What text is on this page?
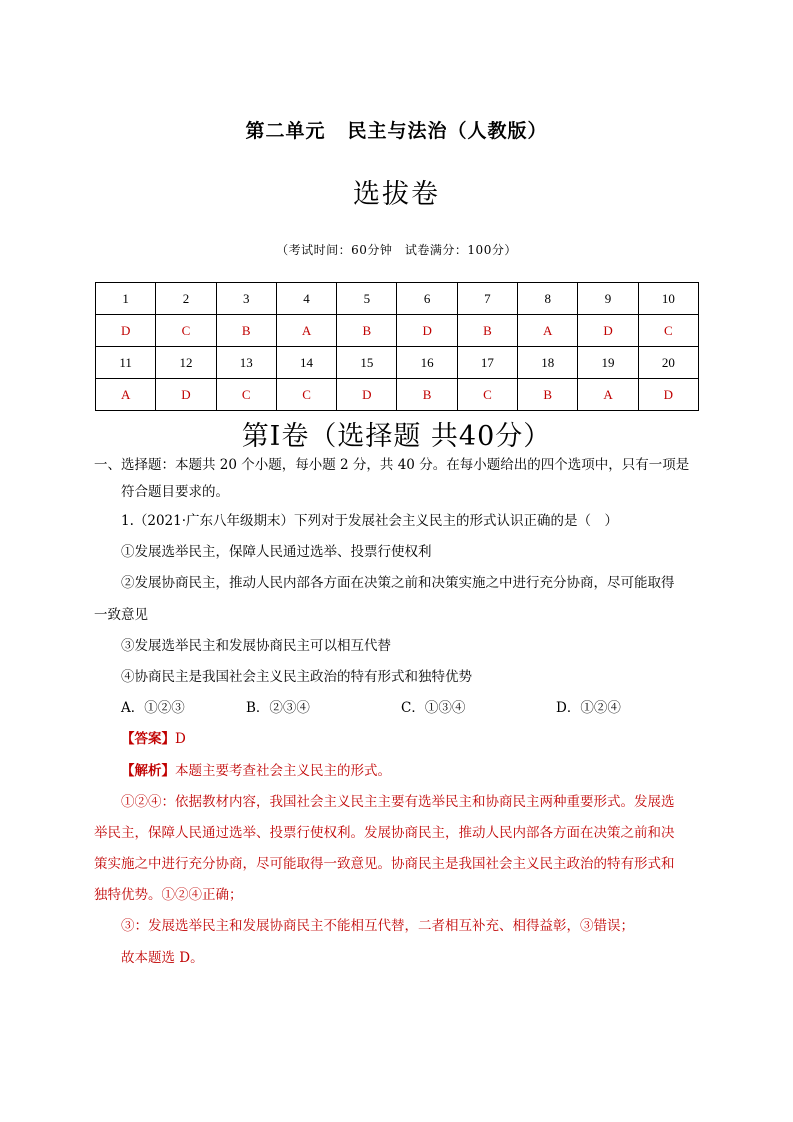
第二单元 民主与法治（人教版）
选拔卷
（考试时间：60分钟　试卷满分：100分）
1	2	3	4	5	6	7	8	9	10
D	C	B	A	B	D	B	A	D	C
11	12	13	14	15	16	17	18	19	20
A	D	C	C	D	B	C	B	A	D
第Ⅰ卷（选择题 共40分）
一、选择题：本题共 20 个小题，每小题 2 分，共 40 分。在每小题给出的四个选项中，只有一项是
符合题目要求的。
1.（2021·广东八年级期末）下列对于发展社会主义民主的形式认识正确的是（　）
①发展选举民主，保障人民通过选举、投票行使权利
②发展协商民主，推动人民内部各方面在决策之前和决策实施之中进行充分协商，尽可能取得
一致意见
③发展选举民主和发展协商民主可以相互代替
④协商民主是我国社会主义民主政治的特有形式和独特优势
A．①②③	B．②③④	C．①③④	D．①②④
【答案】D
【解析】本题主要考查社会主义民主的形式。
①②④：依据教材内容，我国社会主义民主主要有选举民主和协商民主两种重要形式。发展选
举民主，保障人民通过选举、投票行使权利。发展协商民主，推动人民内部各方面在决策之前和决
策实施之中进行充分协商，尽可能取得一致意见。协商民主是我国社会主义民主政治的特有形式和
独特优势。①②④正确；
③：发展选举民主和发展协商民主不能相互代替，二者相互补充、相得益彰，③错误；
故本题选 D。
